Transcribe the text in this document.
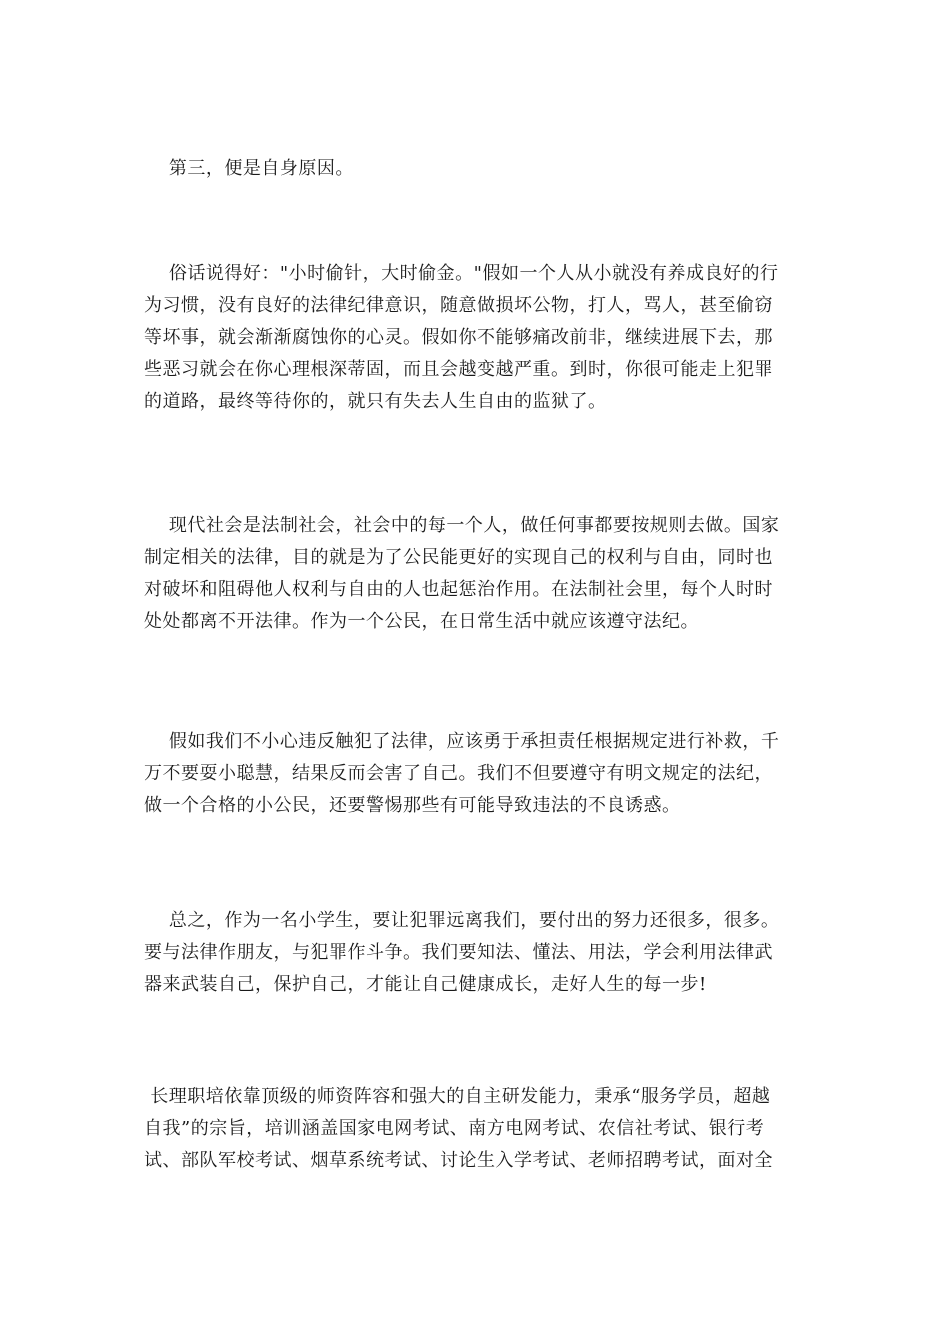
第三，便是自身原因。

俗话说得好："小时偷针，大时偷金。"假如一个人从小就没有养成良好的行
为习惯，没有良好的法律纪律意识，随意做损坏公物，打人，骂人，甚至偷窃
等坏事，就会渐渐腐蚀你的心灵。假如你不能够痛改前非，继续进展下去，那
些恶习就会在你心理根深蒂固，而且会越变越严重。到时，你很可能走上犯罪
的道路，最终等待你的，就只有失去人生自由的监狱了。

现代社会是法制社会，社会中的每一个人，做任何事都要按规则去做。国家
制定相关的法律，目的就是为了公民能更好的实现自己的权利与自由，同时也
对破坏和阻碍他人权利与自由的人也起惩治作用。在法制社会里，每个人时时
处处都离不开法律。作为一个公民，在日常生活中就应该遵守法纪。

假如我们不小心违反触犯了法律，应该勇于承担责任根据规定进行补救，千
万不要耍小聪慧，结果反而会害了自己。我们不但要遵守有明文规定的法纪，
做一个合格的小公民，还要警惕那些有可能导致违法的不良诱惑。

总之，作为一名小学生，要让犯罪远离我们，要付出的努力还很多，很多。
要与法律作朋友，与犯罪作斗争。我们要知法、懂法、用法，学会利用法律武
器来武装自己，保护自己，才能让自己健康成长，走好人生的每一步!

长理职培依靠顶级的师资阵容和强大的自主研发能力，秉承“服务学员，超越
自我”的宗旨，培训涵盖国家电网考试、南方电网考试、农信社考试、银行考
试、部队军校考试、烟草系统考试、讨论生入学考试、老师招聘考试，面对全
